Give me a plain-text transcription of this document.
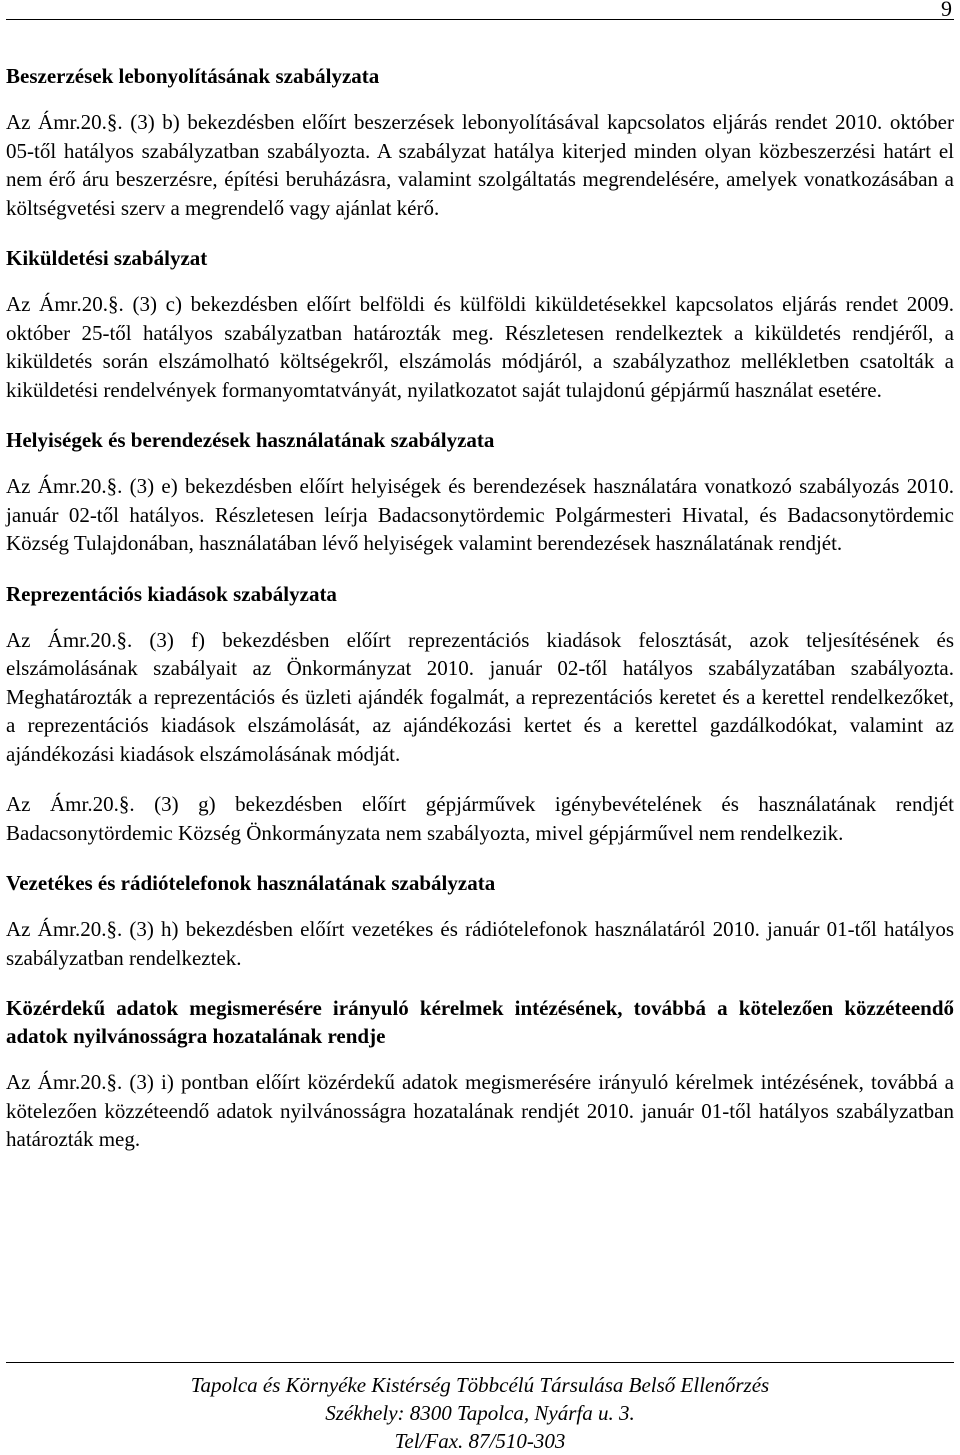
9
Beszerzések lebonyolításának szabályzata

Az Ámr.20.§. (3) b) bekezdésben előírt beszerzések lebonyolításával kapcsolatos eljárás rendet 2010. október 05-től hatályos szabályzatban szabályozta. A szabályzat hatálya kiterjed minden olyan közbeszerzési határt el nem érő áru beszerzésre, építési beruházásra, valamint szolgáltatás megrendelésére, amelyek vonatkozásában a költségvetési szerv a megrendelő vagy ajánlat kérő.

Kiküldetési szabályzat

Az Ámr.20.§. (3) c) bekezdésben előírt belföldi és külföldi kiküldetésekkel kapcsolatos eljárás rendet 2009. október 25-től hatályos szabályzatban határozták meg. Részletesen rendelkeztek a kiküldetés rendjéről, a kiküldetés során elszámolható költségekről, elszámolás módjáról, a szabályzathoz mellékletben csatolták a kiküldetési rendelvények formanyomtatványát, nyilatkozatot saját tulajdonú gépjármű használat esetére.

Helyiségek és berendezések használatának szabályzata

Az Ámr.20.§. (3) e) bekezdésben előírt helyiségek és berendezések használatára vonatkozó szabályozás 2010. január 02-től hatályos. Részletesen leírja Badacsonytördemic Polgármesteri Hivatal, és Badacsonytördemic Község Tulajdonában, használatában lévő helyiségek valamint berendezések használatának rendjét.

Reprezentációs kiadások szabályzata

Az Ámr.20.§. (3) f) bekezdésben előírt reprezentációs kiadások felosztását, azok teljesítésének és elszámolásának szabályait az Önkormányzat 2010. január 02-től hatályos szabályzatában szabályozta. Meghatározták a reprezentációs és üzleti ajándék fogalmát, a reprezentációs keretet és a kerettel rendelkezőket, a reprezentációs kiadások elszámolását, az ajándékozási kertet és a kerettel gazdálkodókat, valamint az ajándékozási kiadások elszámolásának módját.

Az Ámr.20.§. (3) g) bekezdésben előírt gépjárművek igénybevételének és használatának rendjét Badacsonytördemic Község Önkormányzata nem szabályozta, mivel gépjárművel nem rendelkezik.

Vezetékes és rádiótelefonok használatának szabályzata

Az Ámr.20.§. (3) h) bekezdésben előírt vezetékes és rádiótelefonok használatáról 2010. január 01-től hatályos szabályzatban rendelkeztek.

Közérdekű adatok megismerésére irányuló kérelmek intézésének, továbbá a kötelezően közzéteendő adatok nyilvánosságra hozatalának rendje

Az Ámr.20.§. (3) i) pontban előírt közérdekű adatok megismerésére irányuló kérelmek intézésének, továbbá a kötelezően közzéteendő adatok nyilvánosságra hozatalának rendjét 2010. január 01-től hatályos szabályzatban határozták meg.

Tapolca és Környéke Kistérség Többcélú Társulása Belső Ellenőrzés
Székhely: 8300 Tapolca, Nyárfa u. 3.
Tel/Fax. 87/510-303
